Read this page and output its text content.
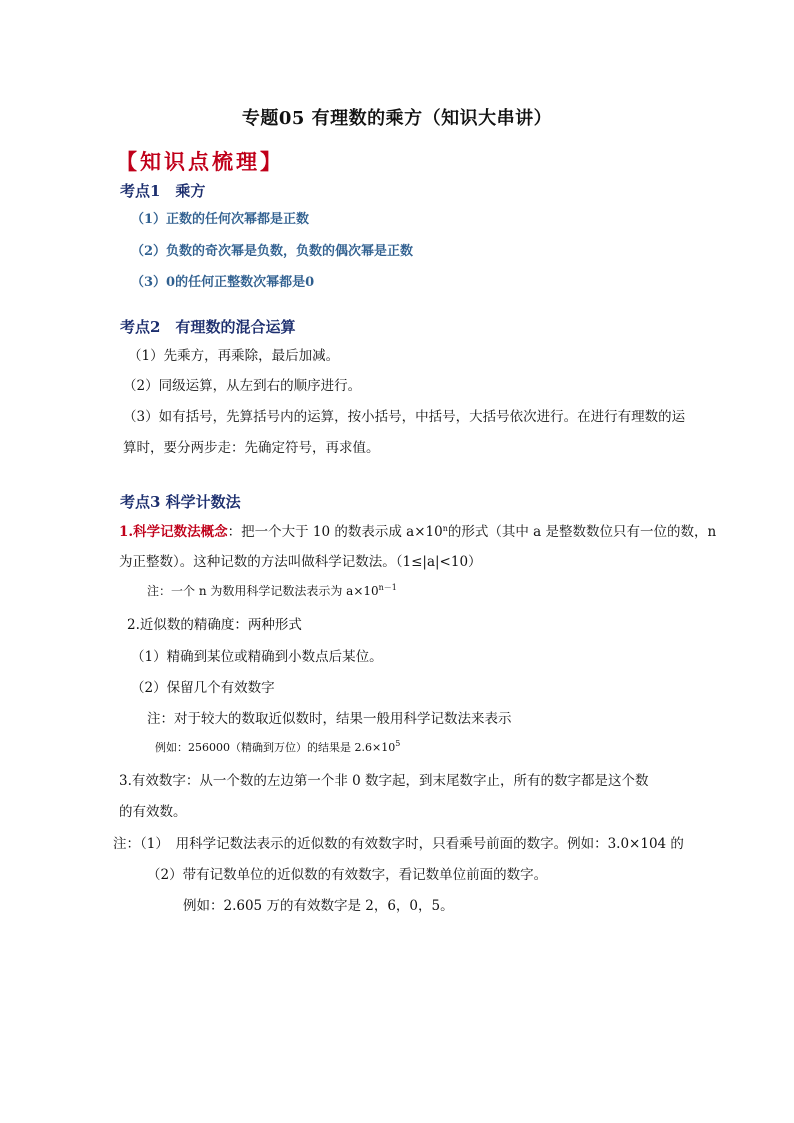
专题05 有理数的乘方（知识大串讲）
【知识点梳理】
考点1　乘方
（1）正数的任何次幂都是正数
（2）负数的奇次幂是负数，负数的偶次幂是正数
（3）0的任何正整数次幂都是0
考点2　有理数的混合运算
（1）先乘方，再乘除，最后加减。
（2）同级运算，从左到右的顺序进行。
（3）如有括号，先算括号内的运算，按小括号，中括号，大括号依次进行。在进行有理数的运
算时，要分两步走：先确定符号，再求值。
考点3 科学计数法
1.科学记数法概念：把一个大于 10 的数表示成 $a\times 10^n$的形式（其中 a 是整数数位只有一位的数，n
为正整数）。这种记数的方法叫做科学记数法。（1≤|a|<10）
注：一个 n 为数用科学记数法表示为 $a\times 10^{n-1}$
2.近似数的精确度：两种形式
（1）精确到某位或精确到小数点后某位。
（2）保留几个有效数字
注：对于较大的数取近似数时，结果一般用科学记数法来表示
例如：256000（精确到万位）的结果是 $2.6\times 10^5$
3.有效数字：从一个数的左边第一个非 0 数字起，到末尾数字止，所有的数字都是这个数
的有效数。
注：（1）　用科学记数法表示的近似数的有效数字时，只看乘号前面的数字。例如：3.0×104 的
（2）带有记数单位的近似数的有效数字，看记数单位前面的数字。
例如：2.605 万的有效数字是 2，6，0，5。
